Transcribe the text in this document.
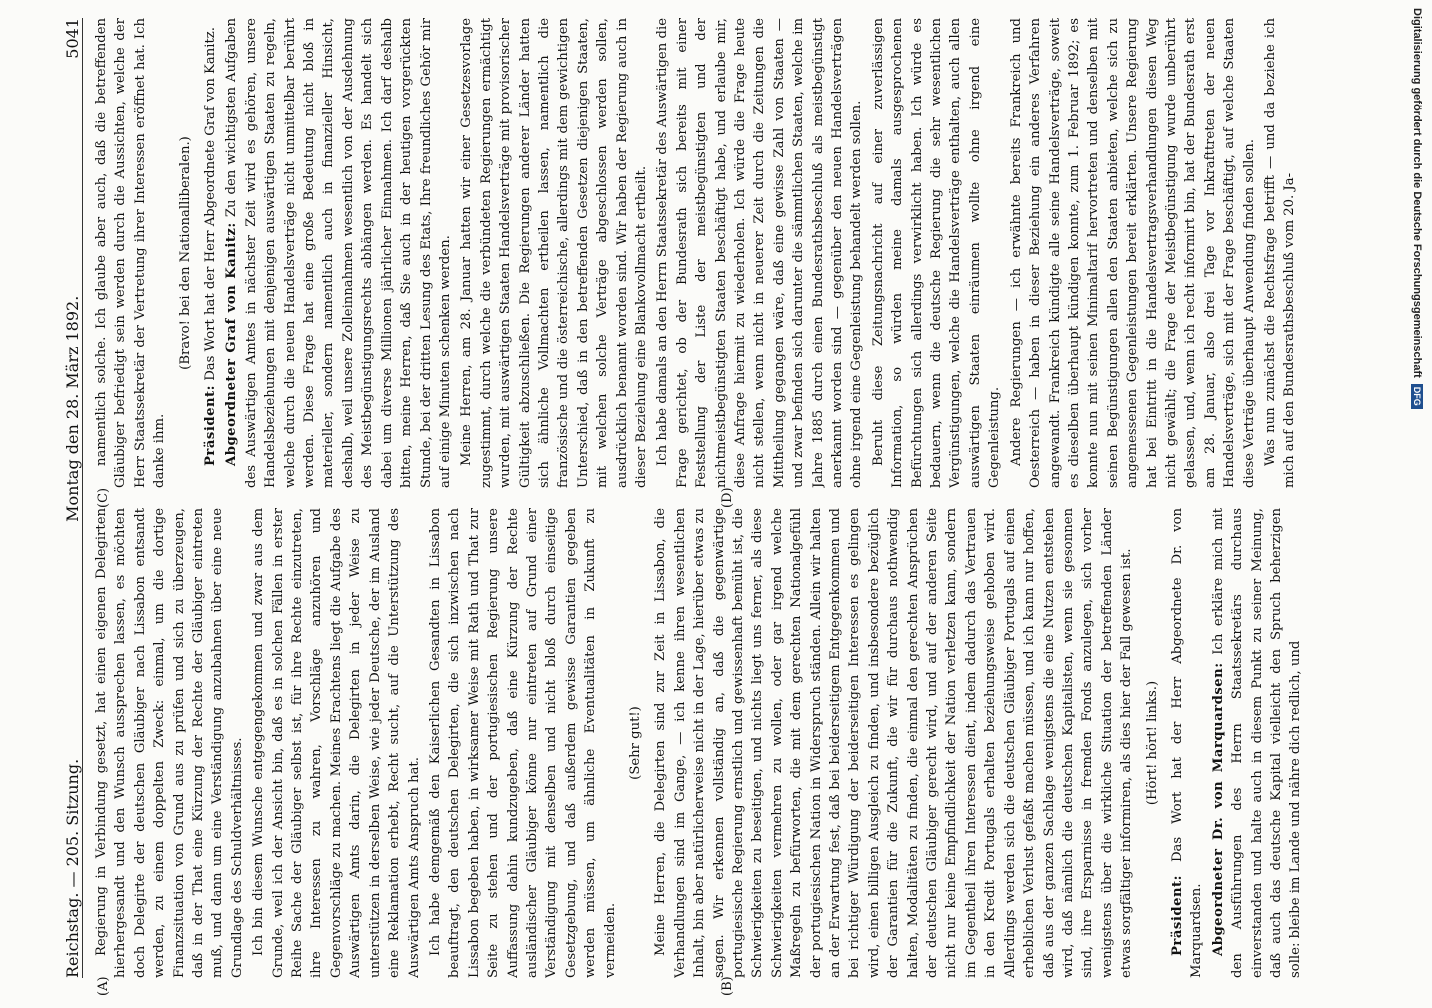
Reichstag. — 205. Sitzung.
Montag den 28. März 1892.
5041

Regierung in Verbindung gesetzt, hat einen eigenen Delegirten hierhergesandt und den Wunsch aussprechen lassen, es möchten doch Delegirte der deutschen Gläubiger nach Lissabon entsandt werden, zu einem doppelten Zweck: einmal, um die dortige Finanzsituation von Grund aus zu prüfen und sich zu überzeugen, daß in der That eine Kürzung der Rechte der Gläubiger eintreten muß, und dann um eine Verständigung anzubahnen über eine neue Grundlage des Schuldverhältnisses. Ich bin diesem Wunsche entgegengekommen und zwar aus dem Grunde, weil ich der Ansicht bin, daß es in solchen Fällen in erster Reihe Sache der Gläubiger selbst ist, für ihre Rechte einzutreten, ihre Interessen zu wahren, Vorschläge anzuhören und Gegenvorschläge zu machen. Meines Erachtens liegt die Aufgabe des Auswärtigen Amts darin, die Delegirten in jeder Weise zu unterstützen in derselben Weise, wie jeder Deutsche, der im Ausland eine Reklamation erhebt, Recht sucht, auf die Unterstützung des Auswärtigen Amts Anspruch hat. Ich habe demgemäß den Kaiserlichen Gesandten in Lissabon beauftragt, den deutschen Delegirten, die sich inzwischen nach Lissabon begeben haben, in wirksamer Weise mit Rath und That zur Seite zu stehen und der portugiesischen Regierung unsere Auffassung dahin kundzugeben, daß eine Kürzung der Rechte ausländischer Gläubiger könne nur eintreten auf Grund einer Verständigung mit denselben und nicht bloß durch einseitige Gesetzgebung, und daß außerdem gewisse Garantien gegeben werden müssen, um ähnliche Eventualitäten in Zukunft zu vermeiden.

(Sehr gut!) Meine Herren, die Delegirten sind zur Zeit in Lissabon, die Verhandlungen sind im Gange, — ich kenne ihren wesentlichen Inhalt, bin aber natürlicherweise nicht in der Lage, hierüber etwas zu sagen. Wir erkennen vollständig an, daß die gegenwärtige portugiesische Regierung ernstlich und gewissenhaft bemüht ist, die Schwierigkeiten zu beseitigen, und nichts liegt uns ferner, als diese Schwierigkeiten vermehren zu wollen, oder gar irgend welche Maßregeln zu befürworten, die mit dem gerechten Nationalgefühl der portugiesischen Nation in Widerspruch ständen. Allein wir halten an der Erwartung fest, daß bei beiderseitigem Entgegenkommen und bei richtiger Würdigung der beiderseitigen Interessen es gelingen wird, einen billigen Ausgleich zu finden, und insbesondere bezüglich der Garantien für die Zukunft, die wir für durchaus nothwendig halten, Modalitäten zu finden, die einmal den gerechten Ansprüchen der deutschen Gläubiger gerecht wird, und auf der anderen Seite nicht nur keine Empfindlichkeit der Nation verletzen kann, sondern im Gegentheil ihren Interessen dient, indem dadurch das Vertrauen in den Kredit Portugals erhalten beziehungsweise gehoben wird. Allerdings werden sich die deutschen Gläubiger Portugals auf einen erheblichen Verlust gefaßt machen müssen, und ich kann nur hoffen, daß aus der ganzen Sachlage wenigstens die eine Nutzen entstehen wird, daß nämlich die deutschen Kapitalisten, wenn sie gesonnen sind, ihre Ersparnisse in fremden Fonds anzulegen, sich vorher wenigstens über die wirkliche Situation der betreffenden Länder etwas sorgfältiger informiren, als dies hier der Fall gewesen ist. (Hört! hört! links.)

Präsident: Das Wort hat der Herr Abgeordnete Dr. von Marquardsen. Abgeordneter Dr. von Marquardsen: Ich erkläre mich mit den Ausführungen des Herrn Staatssekretärs durchaus einverstanden und halte auch in diesem Punkt zu seiner Meinung, daß auch das deutsche Kapital vielleicht den Spruch beherzigen solle: bleibe im Lande und nähre dich redlich, und

namentlich solche. Ich glaube aber auch, daß die betreffenden Gläubiger befriedigt sein werden durch die Aussichten, welche der Herr Staatssekretär der Vertretung ihrer Interessen eröffnet hat. Ich danke ihm.

(Bravo! bei den Nationalliberalen.)

Präsident: Das Wort hat der Herr Abgeordnete Graf von Kanitz. Abgeordneter Graf von Kanitz: Zu den wichtigsten Aufgaben des Auswärtigen Amtes in nächster Zeit wird es gehören, unsere Handelsbeziehungen mit denjenigen auswärtigen Staaten zu regeln, welche durch die neuen Handelsverträge nicht unmittelbar berührt werden. Diese Frage hat eine große Bedeutung nicht bloß in materieller, sondern namentlich auch in finanzieller Hinsicht, deshalb, weil unsere Zolleinnahmen wesentlich von der Ausdehnung des Meistbegünstigungsrechts abhängen werden. Es handelt sich dabei um diverse Millionen jährlicher Einnahmen. Ich darf deshalb bitten, meine Herren, daß Sie auch in der heutigen vorgerückten Stunde, bei der dritten Lesung des Etats, Ihre freundliches Gehör mir auf einige Minuten schenken werden. Meine Herren, am 28. Januar hatten wir einer Gesetzesvorlage zugestimmt, durch welche die verbündeten Regierungen ermächtigt wurden, mit auswärtigen Staaten Handelsverträge mit provisorischer Gültigkeit abzuschließen. Die Regierungen anderer Länder hatten sich ähnliche Vollmachten ertheilen lassen, namentlich die französische und die österreichische, allerdings mit dem gewichtigen Unterschied, daß in den betreffenden Gesetzen diejenigen Staaten, mit welchen solche Verträge abgeschlossen werden sollen, ausdrücklich benannt worden sind. Wir haben der Regierung auch in dieser Beziehung eine Blankovollmacht ertheilt. Ich habe damals an den Herrn Staatssekretär des Auswärtigen die Frage gerichtet, ob der Bundesrath sich bereits mit einer Feststellung der Liste der meistbegünstigten und der nichtmeistbegünstigten Staaten beschäftigt habe, und erlaube mir, diese Anfrage hiermit zu wiederholen. Ich würde die Frage heute nicht stellen, wenn nicht in neuerer Zeit durch die Zeitungen die Mittheilung gegangen wäre, daß eine gewisse Zahl von Staaten — und zwar befinden sich darunter die sämmtlichen Staaten, welche im Jahre 1885 durch einen Bundesrathsbeschluß als meistbegünstigt anerkannt worden sind — gegenüber den neuen Handelsverträgen ohne irgend eine Gegenleistung behandelt werden sollen. Beruht diese Zeitungsnachricht auf einer zuverlässigen Information, so würden meine damals ausgesprochenen Befürchtungen sich allerdings verwirklicht haben. Ich würde es bedauern, wenn die deutsche Regierung die sehr wesentlichen Vergünstigungen, welche die Handelsverträge enthalten, auch allen auswärtigen Staaten einräumen wollte ohne irgend eine Gegenleistung. Andere Regierungen — ich erwähnte bereits Frankreich und Oesterreich — haben in dieser Beziehung ein anderes Verfahren angewandt. Frankreich kündigte alle seine Handelsverträge, soweit es dieselben überhaupt kündigen konnte, zum 1. Februar 1892; es konnte nun mit seinen Minimaltarif hervortreten und denselben mit seinen Begünstigungen allen den Staaten anbieten, welche sich zu angemessenen Gegenleistungen bereit erklärten. Unsere Regierung hat bei Eintritt in die Handelsvertragsverhandlungen diesen Weg nicht gewählt; die Frage der Meistbegünstigung wurde unberührt gelassen, und, wenn ich recht informirt bin, hat der Bundesrath erst am 28. Januar, also drei Tage vor Inkrafttreten der neuen Handelsverträge, sich mit der Frage beschäftigt, auf welche Staaten diese Verträge überhaupt Anwendung finden sollen. Was nun zunächst die Rechtsfrage betrifft — und da beziehe ich mich auf den Bundesrathsbeschluß vom 20. Ja-

(A)	(B)
(C)	(D)
Digitalisierung gefördert durch die Deutsche ForschungsgemeinschaftDFG
